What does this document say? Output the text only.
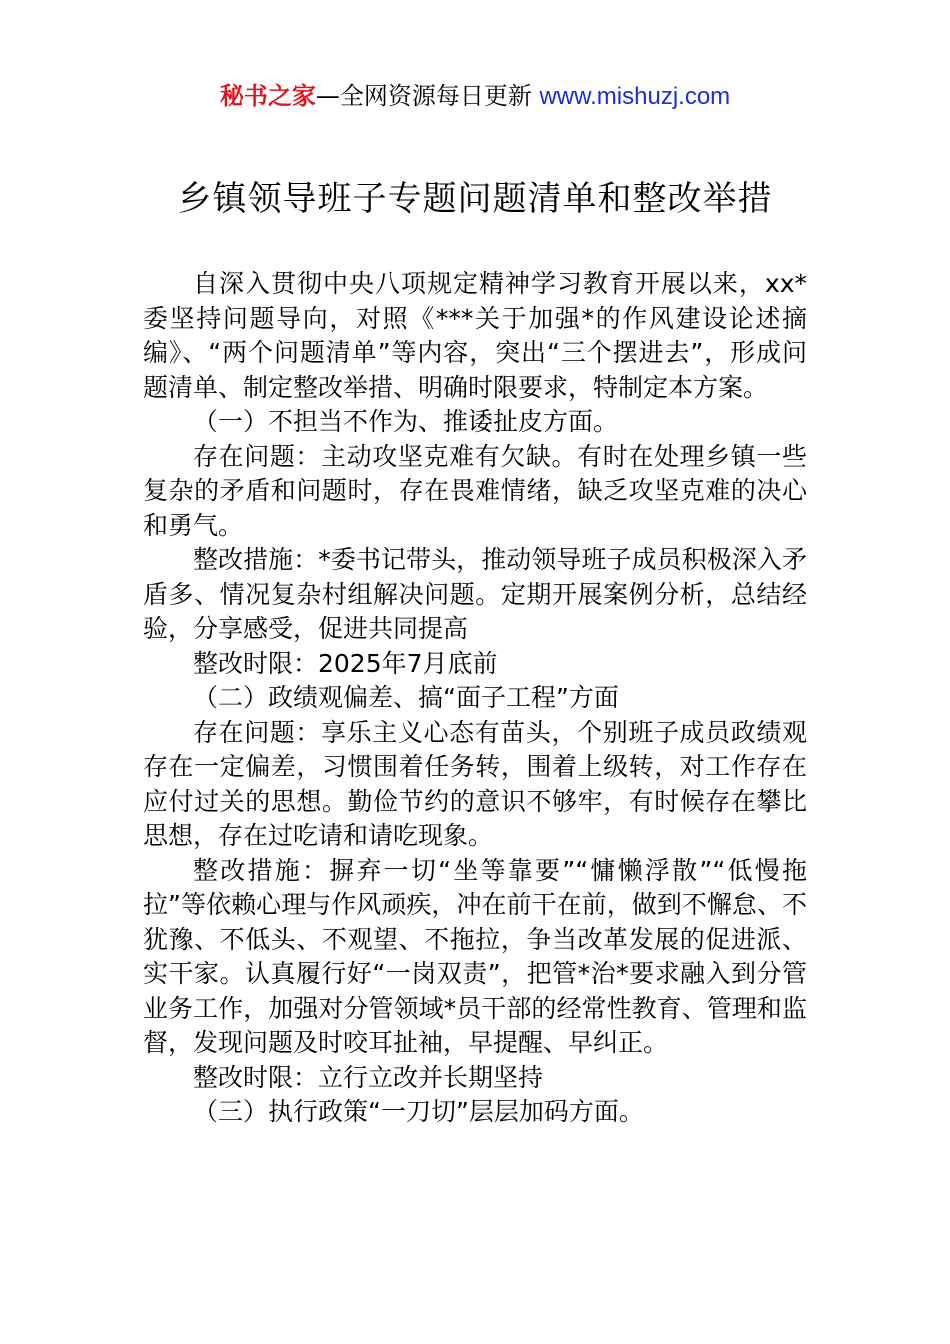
秘书之家—全网资源每日更新 www.mishuzj.com
乡镇领导班子专题问题清单和整改举措

自深入贯彻中央八项规定精神学习教育开展以来，xx*委坚持问题导向，对照《***关于加强*的作风建设论述摘编》、“两个问题清单”等内容，突出“三个摆进去”，形成问题清单、制定整改举措、明确时限要求，特制定本方案。

（一）不担当不作为、推诿扯皮方面。

存在问题：主动攻坚克难有欠缺。有时在处理乡镇一些复杂的矛盾和问题时，存在畏难情绪，缺乏攻坚克难的决心和勇气。

整改措施：*委书记带头，推动领导班子成员积极深入矛盾多、情况复杂村组解决问题。定期开展案例分析，总结经验，分享感受，促进共同提高

整改时限：2025年7月底前

（二）政绩观偏差、搞“面子工程”方面

存在问题：享乐主义心态有苗头，个别班子成员政绩观存在一定偏差，习惯围着任务转，围着上级转，对工作存在应付过关的思想。勤俭节约的意识不够牢，有时候存在攀比思想，存在过吃请和请吃现象。

整改措施：摒弃一切“坐等靠要”“慵懒浮散”“低慢拖拉”等依赖心理与作风顽疾，冲在前干在前，做到不懈怠、不犹豫、不低头、不观望、不拖拉，争当改革发展的促进派、实干家。认真履行好“一岗双责”，把管*治*要求融入到分管业务工作，加强对分管领域*员干部的经常性教育、管理和监督，发现问题及时咬耳扯袖，早提醒、早纠正。

整改时限：立行立改并长期坚持

（三）执行政策“一刀切”层层加码方面。
